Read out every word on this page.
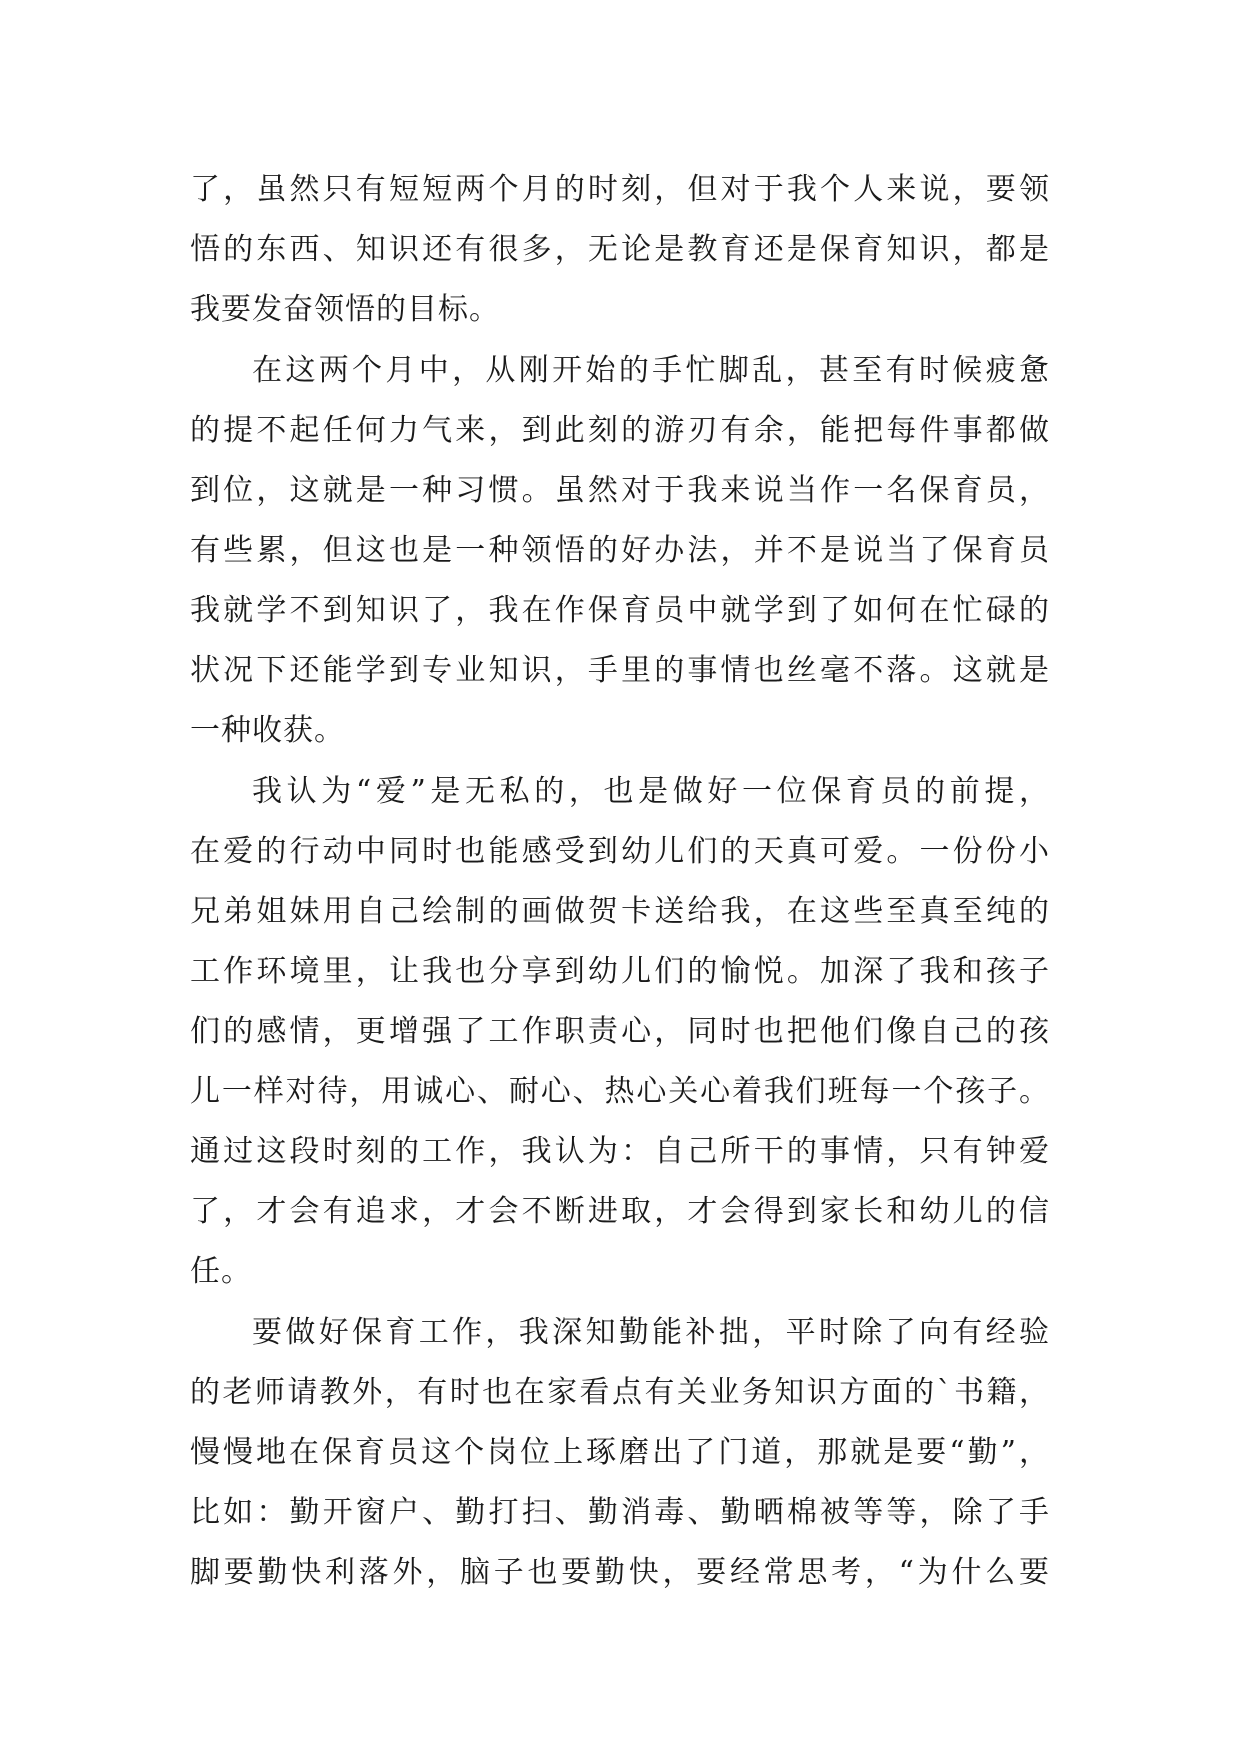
了，虽然只有短短两个月的时刻，但对于我个人来说，要领
悟的东西、知识还有很多，无论是教育还是保育知识，都是
我要发奋领悟的目标。
在这两个月中，从刚开始的手忙脚乱，甚至有时候疲惫
的提不起任何力气来，到此刻的游刃有余，能把每件事都做
到位，这就是一种习惯。虽然对于我来说当作一名保育员，
有些累，但这也是一种领悟的好办法，并不是说当了保育员
我就学不到知识了，我在作保育员中就学到了如何在忙碌的
状况下还能学到专业知识，手里的事情也丝毫不落。这就是
一种收获。
我认为“爱”是无私的，也是做好一位保育员的前提，
在爱的行动中同时也能感受到幼儿们的天真可爱。一份份小
兄弟姐妹用自己绘制的画做贺卡送给我，在这些至真至纯的
工作环境里，让我也分享到幼儿们的愉悦。加深了我和孩子
们的感情，更增强了工作职责心，同时也把他们像自己的孩
儿一样对待，用诚心、耐心、热心关心着我们班每一个孩子。
通过这段时刻的工作，我认为：自己所干的事情，只有钟爱
了，才会有追求，才会不断进取，才会得到家长和幼儿的信
任。
要做好保育工作，我深知勤能补拙，平时除了向有经验
的老师请教外，有时也在家看点有关业务知识方面的`书籍，
慢慢地在保育员这个岗位上琢磨出了门道，那就是要“勤”，
比如：勤开窗户、勤打扫、勤消毒、勤晒棉被等等，除了手
脚要勤快利落外，脑子也要勤快，要经常思考，“为什么要
